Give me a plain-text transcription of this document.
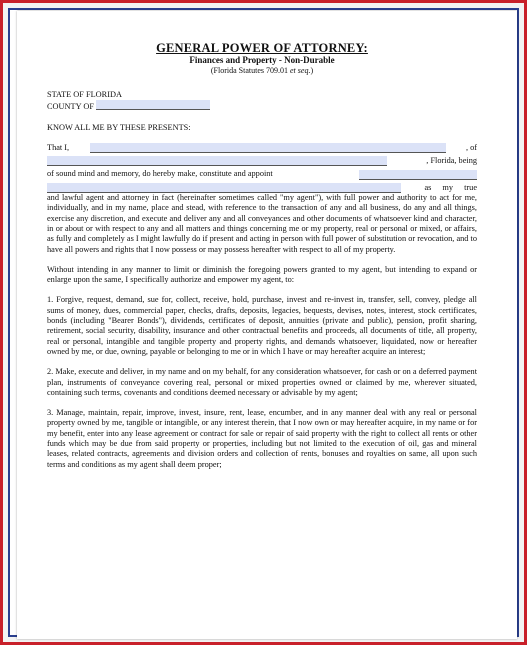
GENERAL POWER OF ATTORNEY:
Finances and Property - Non-Durable
(Florida Statutes 709.01 et seq.)

STATE OF FLORIDA

COUNTY OF

KNOW ALL ME BY THESE PRESENTS:

That I,	, of
, Florida, being
of sound mind and memory, do hereby make, constitute and appoint
as my true

and lawful agent and attorney in fact (hereinafter sometimes called "my agent"), with full power and authority to act for me, individually, and in my name, place and stead, with reference to the transaction of any and all business, do any and all things, exercise any discretion, and execute and deliver any and all conveyances and other documents of whatsoever kind and character, in or about or with respect to any and all matters and things concerning me or my property, real or personal or mixed, or affairs, as fully and completely as I might lawfully do if present and acting in person with full power of substitution or revocation, and to have all powers and rights that I now possess or may possess hereafter with respect to all of my property.

Without intending in any manner to limit or diminish the foregoing powers granted to my agent, but intending to expand or enlarge upon the same, I specifically authorize and empower my agent, to:

1. Forgive, request, demand, sue for, collect, receive, hold, purchase, invest and re-invest in, transfer, sell, convey, pledge all sums of money, dues, commercial paper, checks, drafts, deposits, legacies, bequests, devises, notes, interest, stock certificates, bonds (including "Bearer Bonds"), dividends, certificates of deposit, annuities (private and public), pension, profit sharing, retirement, social security, disability, insurance and other contractual benefits and proceeds, all documents of title, all property, real or personal, intangible and tangible property and property rights, and demands whatsoever, liquidated, now or hereafter owned by me, or due, owning, payable or belonging to me or in which I have or may hereafter acquire an interest;

2. Make, execute and deliver, in my name and on my behalf, for any consideration whatsoever, for cash or on a deferred payment plan, instruments of conveyance covering real, personal or mixed properties owned or claimed by me, wherever situated, containing such terms, covenants and conditions deemed necessary or advisable by my agent;

3. Manage, maintain, repair, improve, invest, insure, rent, lease, encumber, and in any manner deal with any real or personal property owned by me, tangible or intangible, or any interest therein, that I now own or may hereafter acquire, in my name or for my benefit, enter into any lease agreement or contract for sale or repair of said property with the right to collect all rents or other funds which may be due from said property or properties, including but not limited to the execution of oil, gas and mineral leases, related contracts, agreements and division orders and collection of rents, bonuses and royalties on same, all upon such terms and conditions as my agent shall deem proper;
